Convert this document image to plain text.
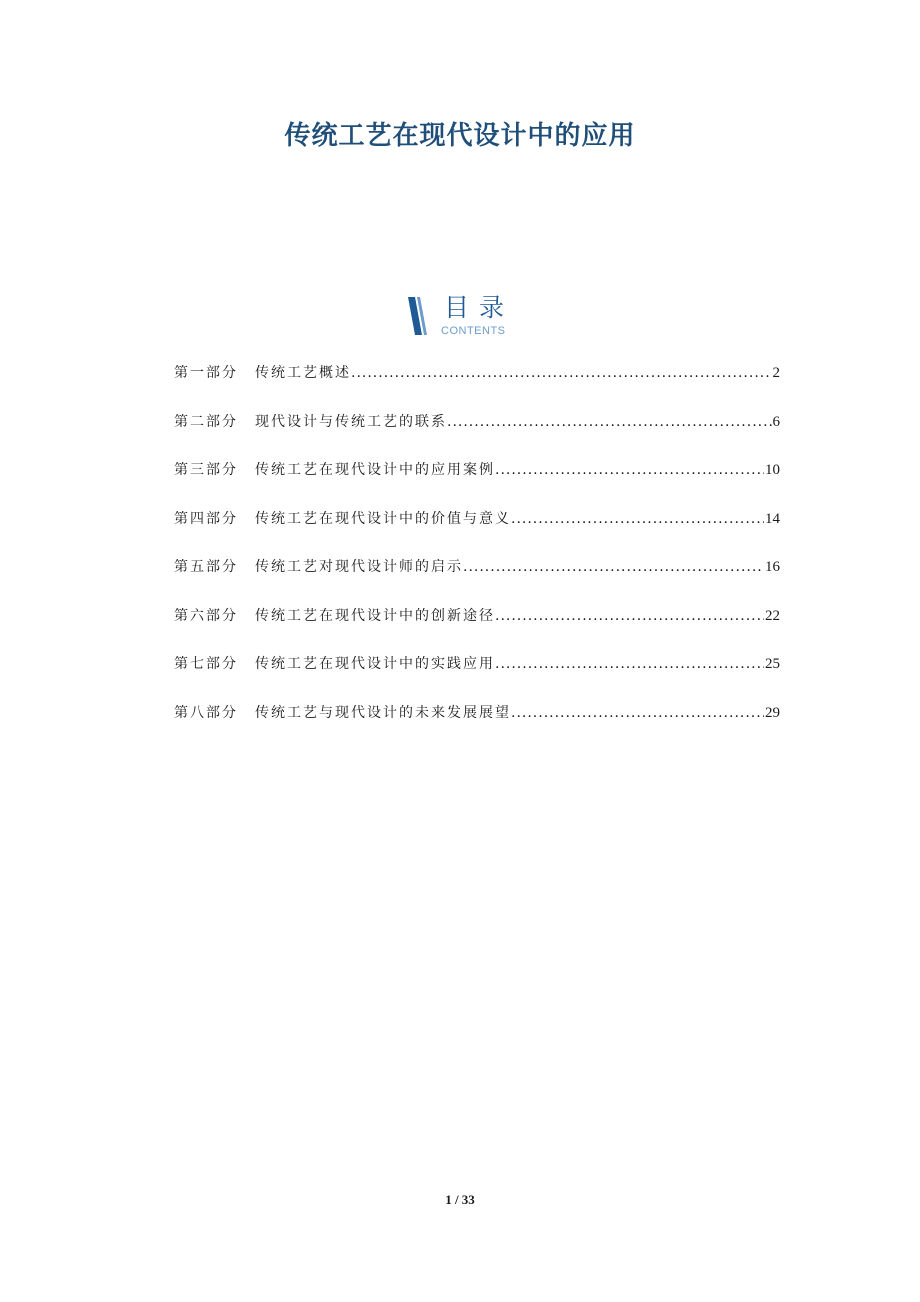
传统工艺在现代设计中的应用
目录
CONTENTS
第一部分	传统工艺概述 .....	2
第二部分	现代设计与传统工艺的联系 .....	6
第三部分	传统工艺在现代设计中的应用案例 .....	10
第四部分	传统工艺在现代设计中的价值与意义 .....	14
第五部分	传统工艺对现代设计师的启示 .....	16
第六部分	传统工艺在现代设计中的创新途径 .....	22
第七部分	传统工艺在现代设计中的实践应用 .....	25
第八部分	传统工艺与现代设计的未来发展展望 .....	29
1 / 33
